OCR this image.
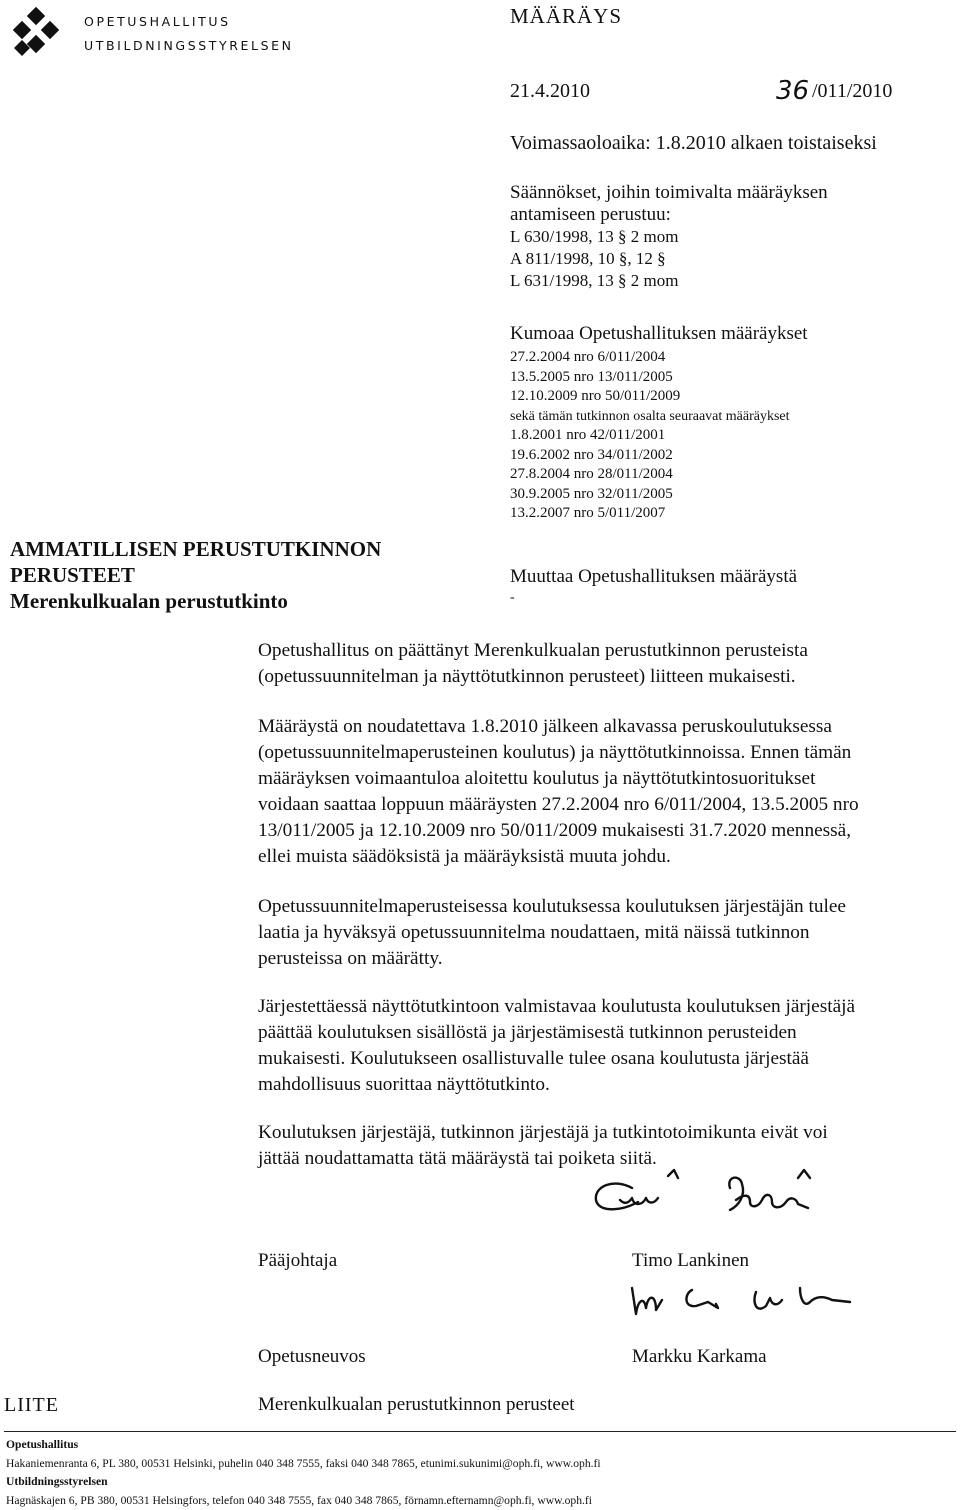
OPETUSHALLITUS
UTBILDNINGSSTYRELSEN
MÄÄRÄYS
21.4.2010	36 /011/2010
Voimassaoloaika: 1.8.2010 alkaen toistaiseksi
Säännökset, joihin toimivalta määräyksen
antamiseen perustuu:
L 630/1998, 13 § 2 mom
A 811/1998, 10 §, 12 §
L 631/1998, 13 § 2 mom
Kumoaa Opetushallituksen määräykset
27.2.2004 nro 6/011/2004
13.5.2005 nro 13/011/2005
12.10.2009 nro 50/011/2009
sekä tämän tutkinnon osalta seuraavat määräykset
1.8.2001 nro 42/011/2001
19.6.2002 nro 34/011/2002
27.8.2004 nro 28/011/2004
30.9.2005 nro 32/011/2005
13.2.2007 nro 5/011/2007
AMMATILLISEN PERUSTUTKINNON
PERUSTEET
Merenkulkualan perustutkinto
Muuttaa Opetushallituksen määräystä
-
Opetushallitus on päättänyt Merenkulkualan perustutkinnon perusteista
(opetussuunnitelman ja näyttötutkinnon perusteet) liitteen mukaisesti.
Määräystä on noudatettava 1.8.2010 jälkeen alkavassa peruskoulutuksessa
(opetussuunnitelmaperusteinen koulutus) ja näyttötutkinnoissa. Ennen tämän
määräyksen voimaantuloa aloitettu koulutus ja näyttötutkintosuoritukset
voidaan saattaa loppuun määräysten 27.2.2004 nro 6/011/2004, 13.5.2005 nro
13/011/2005 ja 12.10.2009 nro 50/011/2009 mukaisesti 31.7.2020 mennessä,
ellei muista säädöksistä ja määräyksistä muuta johdu.
Opetussuunnitelmaperusteisessa koulutuksessa koulutuksen järjestäjän tulee
laatia ja hyväksyä opetussuunnitelma noudattaen, mitä näissä tutkinnon
perusteissa on määrätty.
Järjestettäessä näyttötutkintoon valmistavaa koulutusta koulutuksen järjestäjä
päättää koulutuksen sisällöstä ja järjestämisestä tutkinnon perusteiden
mukaisesti. Koulutukseen osallistuvalle tulee osana koulutusta järjestää
mahdollisuus suorittaa näyttötutkinto.
Koulutuksen järjestäjä, tutkinnon järjestäjä ja tutkintotoimikunta eivät voi
jättää noudattamatta tätä määräystä tai poiketa siitä.
Pääjohtaja	Timo Lankinen
Opetusneuvos	Markku Karkama
LIITE	Merenkulkualan perustutkinnon perusteet
Opetushallitus
Hakaniemenranta 6, PL 380, 00531 Helsinki, puhelin 040 348 7555, faksi 040 348 7865, etunimi.sukunimi@oph.fi, www.oph.fi
Utbildningsstyrelsen
Hagnäskajen 6, PB 380, 00531 Helsingfors, telefon 040 348 7555, fax 040 348 7865, förnamn.efternamn@oph.fi, www.oph.fi
